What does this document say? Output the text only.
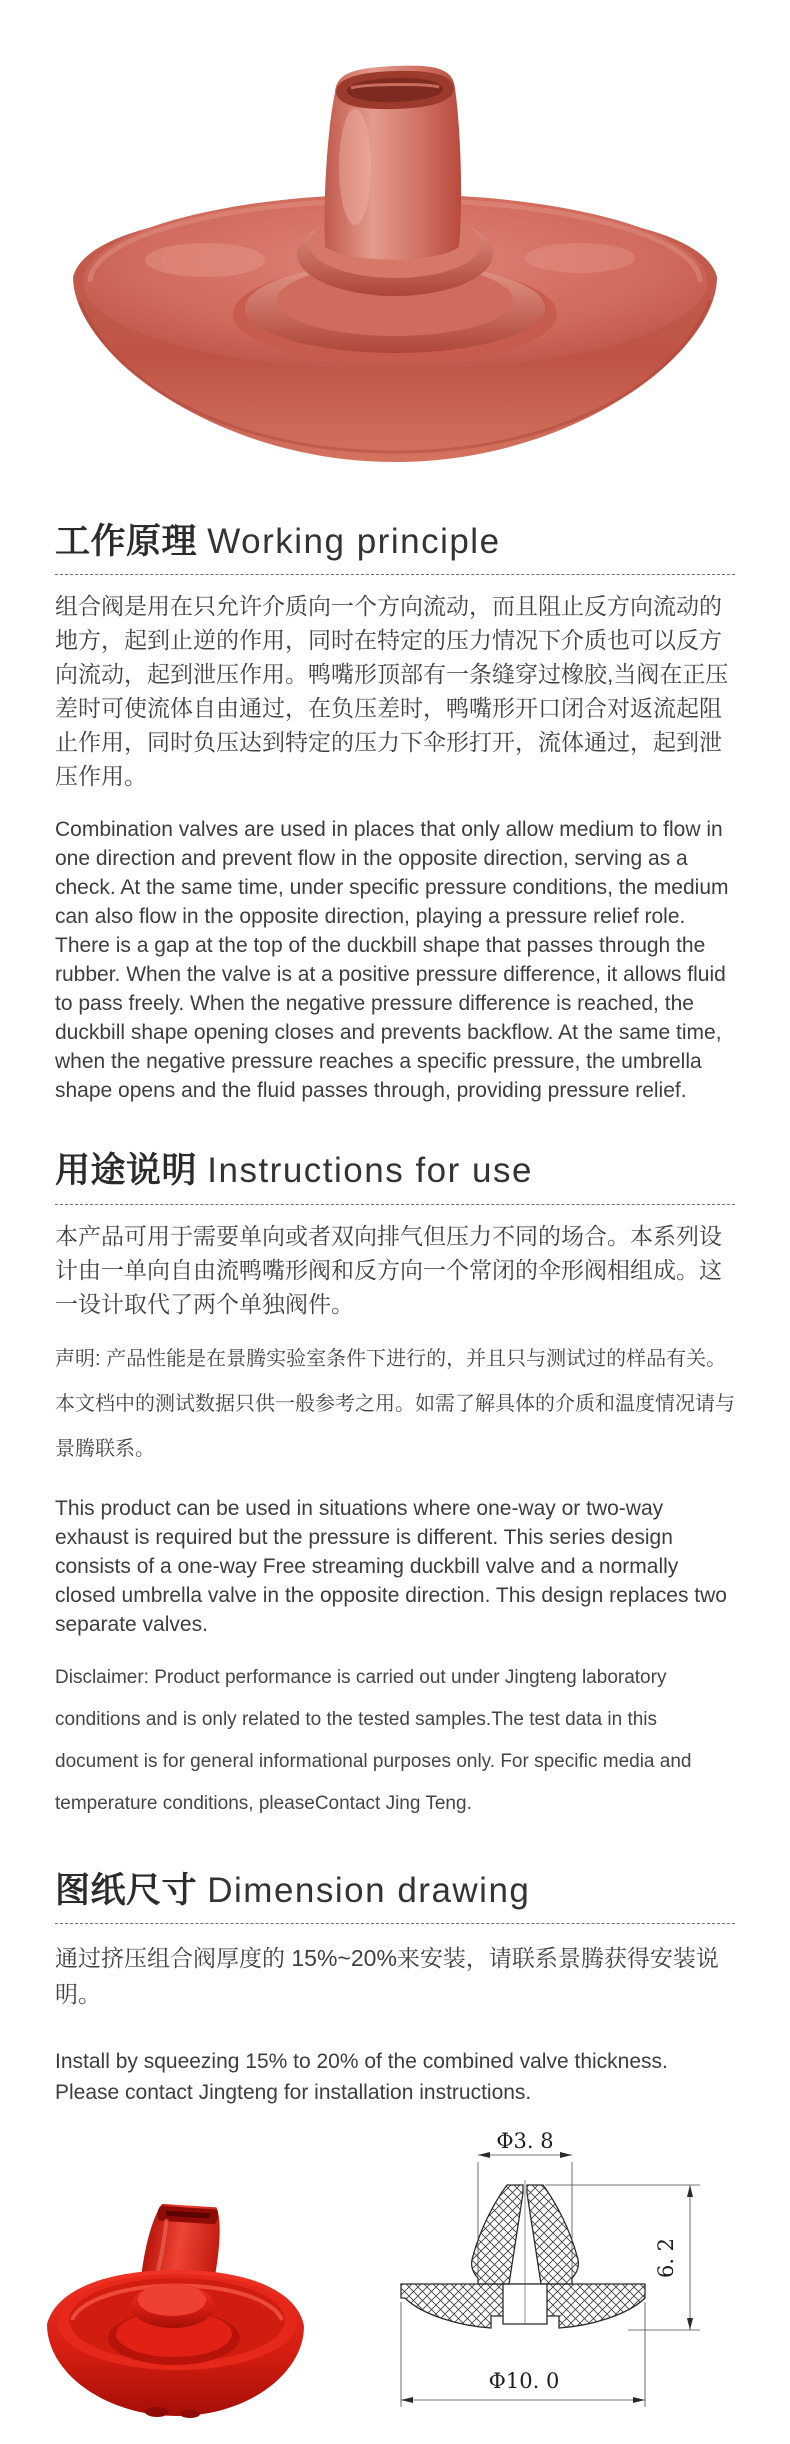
工作原理 Working principle

组合阀是用在只允许介质向一个方向流动，而且阻止反方向流动的地方，起到止逆的作用，同时在特定的压力情况下介质也可以反方向流动，起到泄压作用。鸭嘴形顶部有一条缝穿过橡胶,当阀在正压差时可使流体自由通过，在负压差时，鸭嘴形开口闭合对返流起阻止作用，同时负压达到特定的压力下伞形打开，流体通过，起到泄压作用。

Combination valves are used in places that only allow medium to flow in one direction and prevent flow in the opposite direction, serving as a check. At the same time, under specific pressure conditions, the medium can also flow in the opposite direction, playing a pressure relief role. There is a gap at the top of the duckbill shape that passes through the rubber. When the valve is at a positive pressure difference, it allows fluid to pass freely. When the negative pressure difference is reached, the duckbill shape opening closes and prevents backflow. At the same time, when the negative pressure reaches a specific pressure, the umbrella shape opens and the fluid passes through, providing pressure relief.

用途说明 Instructions for use

本产品可用于需要单向或者双向排气但压力不同的场合。本系列设计由一单向自由流鸭嘴形阀和反方向一个常闭的伞形阀相组成。这一设计取代了两个单独阀件。

声明: 产品性能是在景腾实验室条件下进行的，并且只与测试过的样品有关。本文档中的测试数据只供一般参考之用。如需了解具体的介质和温度情况请与景腾联系。

This product can be used in situations where one-way or two-way exhaust is required but the pressure is different. This series design consists of a one-way Free streaming duckbill valve and a normally closed umbrella valve in the opposite direction. This design replaces two separate valves.

Disclaimer: Product performance is carried out under Jingteng laboratory conditions and is only related to the tested samples.The test data in this document is for general informational purposes only. For specific media and temperature conditions, pleaseContact Jing Teng.

图纸尺寸 Dimension drawing

通过挤压组合阀厚度的 15%~20%来安装，请联系景腾获得安装说明。

Install by squeezing 15% to 20% of the combined valve thickness. Please contact Jingteng for installation instructions.

Φ3. 8
6. 2
Φ10. 0
